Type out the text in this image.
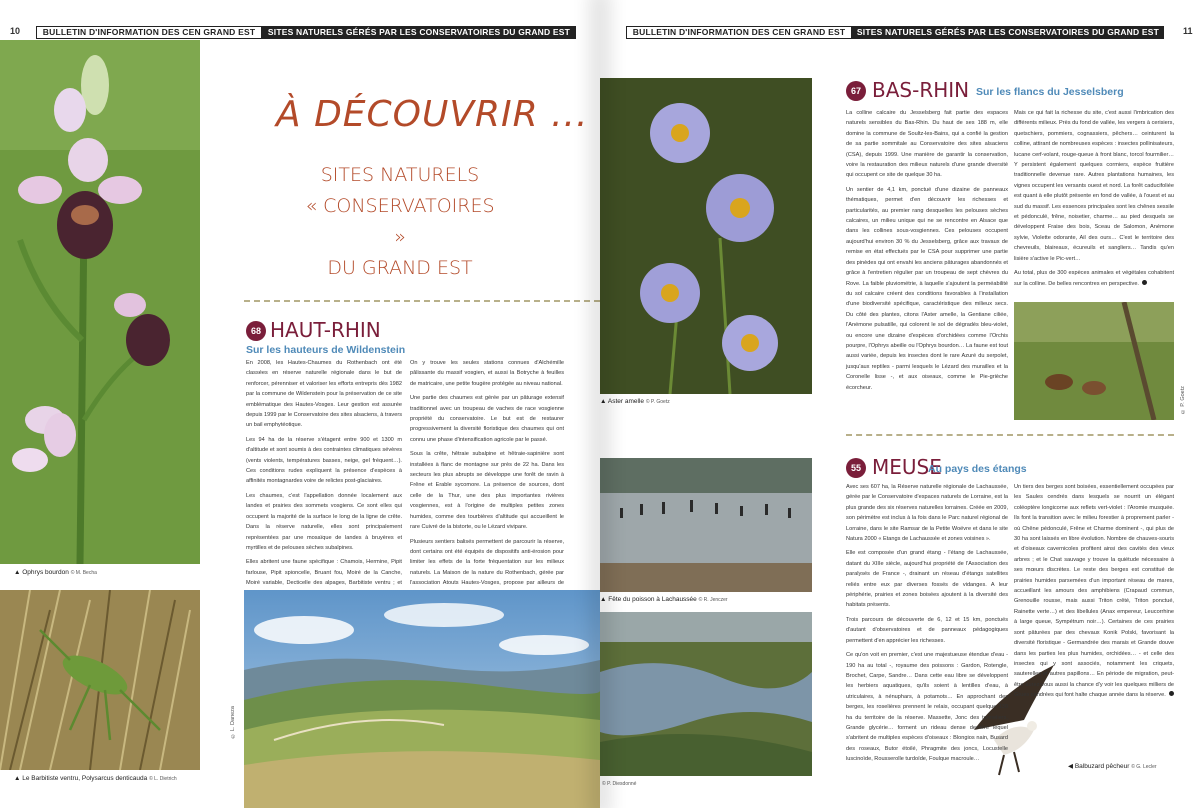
10	BULLETIN D'INFORMATION DES CEN GRAND EST	SITES NATURELS GÉRÉS PAR LES CONSERVATOIRES DU GRAND EST	BULLETIN D'INFORMATION DES CEN GRAND EST	SITES NATURELS GÉRÉS PAR LES CONSERVATOIRES DU GRAND EST	11
▲ Ophrys bourdon © M. Becha
▲ Le Barbitiste ventru, Polysarcus denticauda © L. Dietrich
© L. Daneza
À DÉCOUVRIR ...
SITES NATURELS
« CONSERVATOIRES »
DU GRAND EST
68 HAUT-RHIN
Sur les hauteurs de Wildenstein

En 2008, les Hautes-Chaumes du Rothenbach ont été classées en réserve naturelle régionale dans le but de renforcer, pérenniser et valoriser les efforts entrepris dès 1982 par la commune de Wildenstein pour la préservation de ce site emblématique des Hautes-Vosges. Leur gestion est assurée depuis 1999 par le Conservatoire des sites alsaciens, à travers un bail emphytéotique.

Les 94 ha de la réserve s'étagent entre 900 et 1300 m d'altitude et sont soumis à des contraintes climatiques sévères (vents violents, températures basses, neige, gel fréquent…). Ces conditions rudes expliquent la présence d'espèces à affinités montagnardes voire de relictes post-glaciaires.

Les chaumes, c'est l'appellation donnée localement aux landes et prairies des sommets vosgiens. Ce sont elles qui occupent la majorité de la surface le long de la ligne de crête. Dans la réserve naturelle, elles sont principalement représentées par une mosaïque de landes à bruyères et myrtilles et de pelouses sèches subalpines.

Elles abritent une faune spécifique : Chamois, Hermine, Pipit farlouse, Pipit spioncelle, Bruant fou, Moiré de la Canche, Moiré variable, Decticelle des alpages, Barbitiste ventru ; et

On y trouve les seules stations connues d'Alchémille pâlissante du massif vosgien, et aussi la Botryche à feuilles de matricaire, une petite fougère protégée au niveau national.

Une partie des chaumes est gérée par un pâturage extensif traditionnel avec un troupeau de vaches de race vosgienne propriété du conservatoire. Le but est de restaurer progressivement la diversité floristique des chaumes qui ont connu une phase d'intensification agricole par le passé.

Sous la crête, hêtraie subalpine et hêtraie-sapinière sont installées à flanc de montagne sur près de 22 ha. Dans les secteurs les plus abrupts se développe une forêt de ravin à Frêne et Erable sycomore. La présence de sources, dont celle de la Thur, une des plus importantes rivières vosgiennes, est à l'origine de multiples petites zones humides, comme des tourbières d'altitude qui accueillent le rare Cuivré de la bistorte, ou le Lézard vivipare.

Plusieurs sentiers balisés permettent de parcourir la réserve, dont certains ont été équipés de dispositifs anti-érosion pour limiter les effets de la forte fréquentation sur les milieux naturels. La Maison de la nature du Rothenbach, gérée par l'association Atouts Hautes-Vosges, propose par ailleurs de

▲ Aster amelle © P. Goetz
▲ Fête du poisson à Lachaussée © R. Jenczer
© P. Diesdonné
© P. Goetz
◀ Balbuzard pêcheur © G. Lecler
67 BAS-RHIN Sur les flancs du Jesselsberg

La colline calcaire du Jesselsberg fait partie des espaces naturels sensibles du Bas-Rhin. Du haut de ses 188 m, elle domine la commune de Soultz-les-Bains, qui a confié la gestion de sa partie sommitale au Conservatoire des sites alsaciens (CSA), depuis 1999. Une manière de garantir la conservation, voire la restauration des milieux naturels d'une grande diversité qui occupent ce site de quelque 30 ha.

Un sentier de 4,1 km, ponctué d'une dizaine de panneaux thématiques, permet d'en découvrir les richesses et particularités, au premier rang desquelles les pelouses sèches calcaires, un milieu unique qui ne se rencontre en Alsace que dans les collines sous-vosgiennes. Ces pelouses occupent aujourd'hui environ 30 % du Jesselsberg, grâce aux travaux de remise en état effectués par le CSA pour supprimer une partie des pinèdes qui ont envahi les anciens pâturages abandonnés et grâce à l'entretien régulier par un troupeau de sept chèvres du Rove. La faible pluviométrie, à laquelle s'ajoutent la perméabilité du sol calcaire créent des conditions favorables à l'installation d'une biodiversité spécifique, caractéristique des milieux secs. Du côté des plantes, citons l'Aster amelle, la Gentiane ciliée, l'Anémone pulsatille, qui colorent le sol de dégradés bleu-violet, ou encore une dizaine d'espèces d'orchidées comme l'Orchis pourpre, l'Ophrys abeille ou l'Ophrys bourdon… La faune est tout aussi variée, depuis les insectes dont le rare Azuré du serpolet, jusqu'aux reptiles - parmi lesquels le Lézard des murailles et la Coronelle lisse -, et aux oiseaux, comme le Pie-grièche écorcheur.

Mais ce qui fait la richesse du site, c'est aussi l'imbrication des différents milieux. Près du fond de vallée, les vergers à cerisiers, quetschiers, pommiers, cognassiers, pêchers… ceinturent la colline, attirant de nombreuses espèces : insectes pollinisateurs, lucane cerf-volant, rouge-queue à front blanc, torcol fourmilier… Y persistent également quelques cormiers, espèce fruitière traditionnelle devenue rare. Autres plantations humaines, les vignes occupent les versants ouest et nord. La forêt caducifoliée est quant à elle plutôt présente en fond de vallée, à l'ouest et au sud du massif. Les essences principales sont les chênes sessile et pédonculé, frêne, noisetier, charme… au pied desquels se développent Fraise des bois, Sceau de Salomon, Anémone sylvie, Violette odorante, Ail des ours… C'est le territoire des chevreuils, blaireaux, écureuils et sangliers… Tandis qu'en lisière s'active le Pic-vert…

Au total, plus de 300 espèces animales et végétales cohabitent sur la colline. De belles rencontres en perspective.

55 MEUSE
Au pays des étangs

Avec ses 607 ha, la Réserve naturelle régionale de Lachaussée, gérée par le Conservatoire d'espaces naturels de Lorraine, est la plus grande des six réserves naturelles lorraines. Créée en 2009, son périmètre est inclus à la fois dans le Parc naturel régional de Lorraine, dans le site Ramsar de la Petite Woëvre et dans le site Natura 2000 « Etangs de Lachaussée et zones voisines ».

Elle est composée d'un grand étang - l'étang de Lachaussée, datant du XIIIe siècle, aujourd'hui propriété de l'Association des paralysés de France -, drainant un réseau d'étangs satellites reliés entre eux par diverses fossés de vidanges. A leur périphérie, prairies et zones boisées ajoutent à la diversité des habitats présents.

Trois parcours de découverte de 6, 12 et 15 km, ponctués d'autant d'observatoires et de panneaux pédagogiques permettent d'en apprécier les richesses.

Ce qu'on voit en premier, c'est une majestueuse étendue d'eau - 190 ha au total -, royaume des poissons : Gardon, Rotengle, Brochet, Carpe, Sandre… Dans cette eau libre se développent les herbiers aquatiques, qu'ils soient à lentilles d'eau, à utriculaires, à nénuphars, à potamots… En approchant des berges, les roselières prennent le relais, occupant quelque 130 ha du territoire de la réserve. Massette, Jonc des tonneliers, Grande glycérie… forment un rideau dense derrière lequel s'abritent de multiples espèces d'oiseaux : Blongios nain, Busard des roseaux, Butor étoilé, Phragmite des joncs, Locustelle luscinoïde, Rousserolle turdoïde, Foulque macroule…

Un tiers des berges sont boisées, essentiellement occupées par les Saules cendrés dans lesquels se nourrit un élégant coléoptère longicorne aux reflets vert-violet : l'Aromie musquée. Ils font la transition avec le milieu forestier à proprement parler - où Chêne pédonculé, Frêne et Charme dominent -, qui plus de 30 ha sont laissés en libre évolution. Nombre de chauves-souris et d'oiseaux cavernicoles profitent ainsi des cavités des vieux arbres ; et le Chat sauvage y trouve la quiétude nécessaire à ses mœurs discrètes. Le reste des berges est constitué de prairies humides parsemées d'un important réseau de mares, accueillant les amours des amphibiens (Crapaud commun, Grenouille rousse, mais aussi Triton crêté, Triton ponctué, Rainette verte…) et des libellules (Anax empereur, Leucorrhine à large queue, Sympétrum noir…). Certaines de ces prairies sont pâturées par des chevaux Konik Polski, favorisant la diversité floristique - Germandrée des marais et Grande douve dans les parties les plus humides, orchidées… - et celle des insectes qui y sont associés, notamment les criquets, sauterelles et autres papillons… En période de migration, peut-être aurez-vous aussi la chance d'y voir les quelques milliers de Grues cendrées qui font halte chaque année dans la réserve.
